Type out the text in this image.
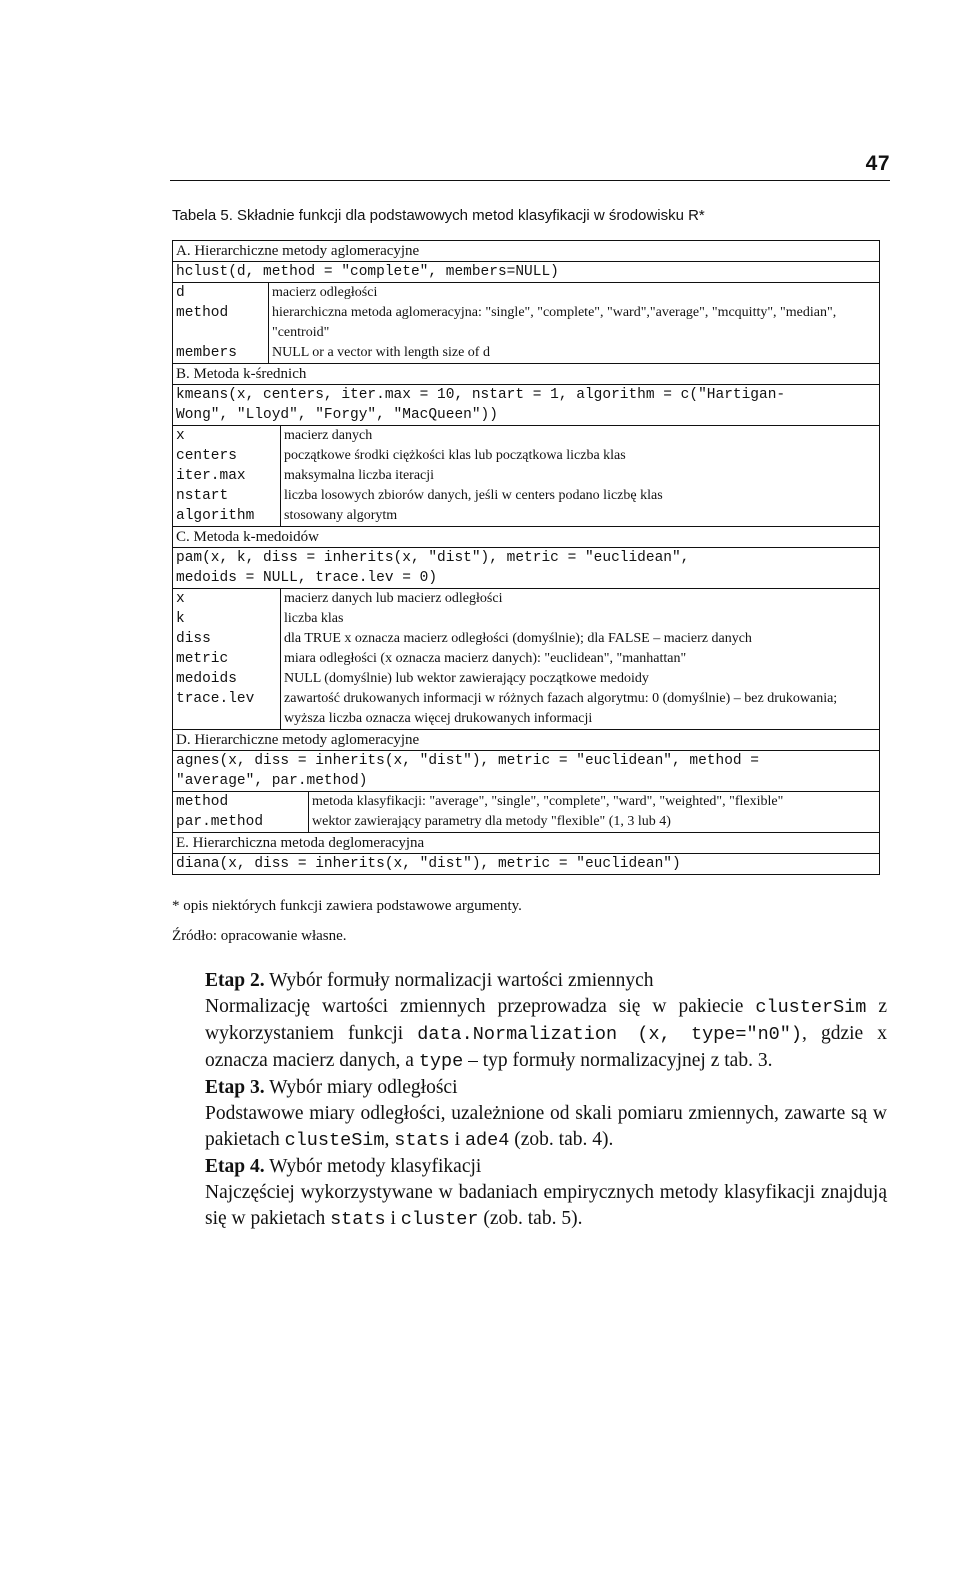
47
Tabela 5. Składnie funkcji dla podstawowych metod klasyfikacji w środowisku R*
A. Hierarchiczne metody aglomeracyjne
hclust(d, method = "complete", members=NULL)
d	macierz odległości
method	hierarchiczna metoda aglomeracyjna: "single", "complete", "ward","average", "mcquitty", "median", "centroid"
members	NULL or a vector with length size of d
B. Metoda k-średnich
kmeans(x, centers, iter.max = 10, nstart = 1, algorithm = c("Hartigan-
Wong", "Lloyd", "Forgy", "MacQueen"))
x	macierz danych
centers	początkowe środki ciężkości klas lub początkowa liczba klas
iter.max	maksymalna liczba iteracji
nstart	liczba losowych zbiorów danych, jeśli w centers podano liczbę klas
algorithm	stosowany algorytm
C. Metoda k-medoidów
pam(x, k, diss = inherits(x, "dist"), metric = "euclidean",
medoids = NULL, trace.lev = 0)
x	macierz danych lub macierz odległości
k	liczba klas
diss	dla TRUE x oznacza macierz odległości (domyślnie); dla FALSE – macierz danych
metric	miara odległości (x oznacza macierz danych): "euclidean", "manhattan"
medoids	NULL (domyślnie) lub wektor zawierający początkowe medoidy
trace.lev	zawartość drukowanych informacji w różnych fazach algorytmu: 0 (domyślnie) – bez drukowania; wyższa liczba oznacza więcej drukowanych informacji
D. Hierarchiczne metody aglomeracyjne
agnes(x, diss = inherits(x, "dist"), metric = "euclidean", method =
"average", par.method)
method	metoda klasyfikacji: "average", "single", "complete", "ward", "weighted", "flexible"
par.method	wektor zawierający parametry dla metody "flexible" (1, 3 lub 4)
E. Hierarchiczna metoda deglomeracyjna
diana(x, diss = inherits(x, "dist"), metric = "euclidean")
* opis niektórych funkcji zawiera podstawowe argumenty.
Źródło: opracowanie własne.

Etap 2. Wybór formuły normalizacji wartości zmiennych

Normalizację wartości zmiennych przeprowadza się w pakiecie clusterSim z wykorzystaniem funkcji data.Normalization (x, type="n0"), gdzie x oznacza macierz danych, a type – typ formuły normalizacyjnej z tab. 3.

Etap 3. Wybór miary odległości

Podstawowe miary odległości, uzależnione od skali pomiaru zmiennych, zawarte są w pakietach clusteSim, stats i ade4 (zob. tab. 4).

Etap 4. Wybór metody klasyfikacji

Najczęściej wykorzystywane w badaniach empirycznych metody klasyfikacji znajdują się w pakietach stats i cluster (zob. tab. 5).
